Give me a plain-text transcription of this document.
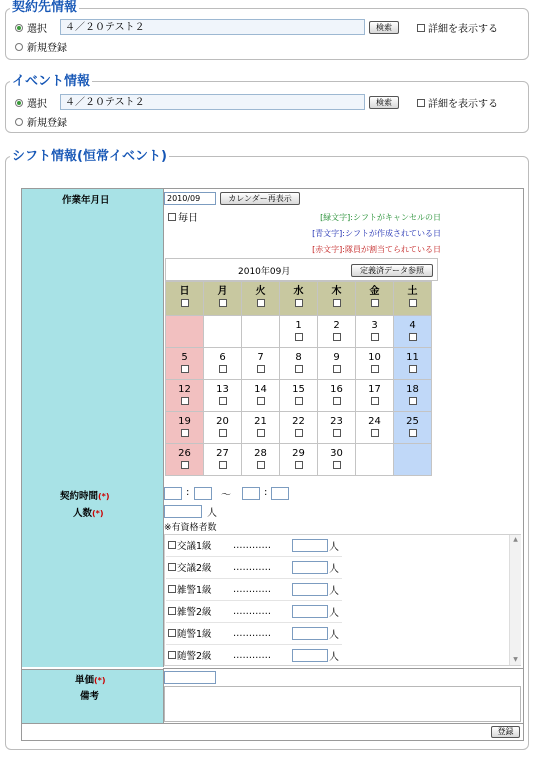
契約先情報
選択	４／２０テスト２	検索	詳細を表示する
新規登録
イベント情報
選択	４／２０テスト２	検索	詳細を表示する
新規登録
シフト情報(恒常イベント)
作業年月日	2010/09	カレンダー再表示
毎日	[緑文字]:シフトがキャンセルの日
[青文字]:シフトが作成されている日
[赤文字]:隊員が割当てられている日
2010年09月	定義済データ参照
日	月	火	水	木	金	土

			1	2	3	4

5	6	7	8	9	10	11

12	13	14	15	16	17	18

19	20	21	22	23	24	25

26	27	28	29	30		

契約時間(*)	:	〜	:
人数(*)	人
※有資格者数
▲
▼
交議1級	…………	人
交議2級	…………	人
雑警1級	…………	人
雑警2級	…………	人
随警1級	…………	人
随警2級	…………	人
単価(*)
備考
登録
